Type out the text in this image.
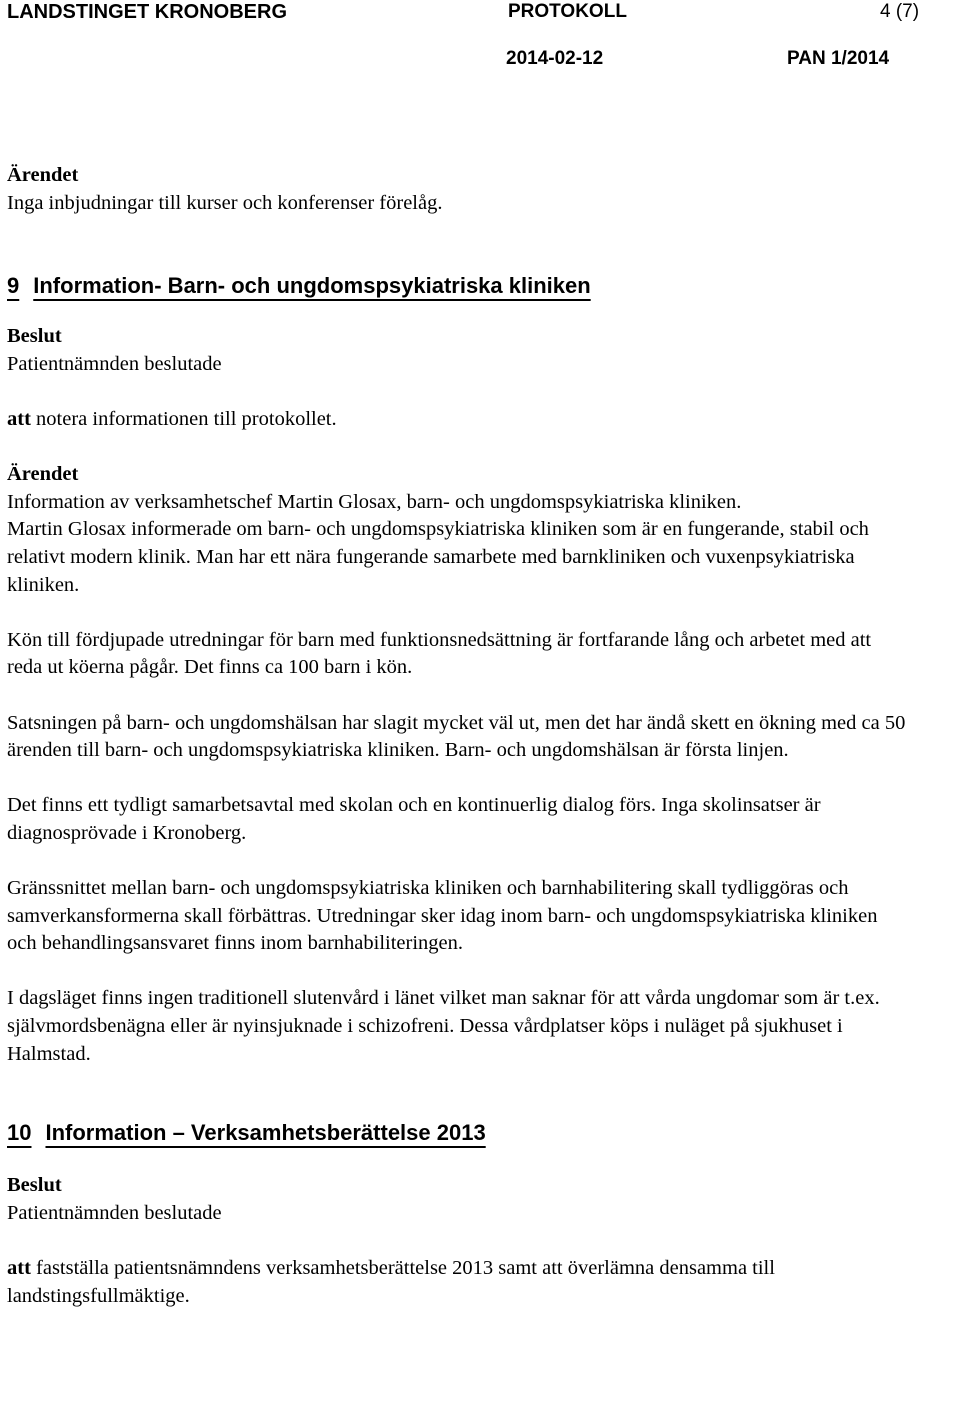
LANDSTINGET KRONOBERG	PROTOKOLL	4 (7)
2014-02-12	PAN 1/2014

Ärendet

Inga inbjudningar till kurser och konferenser förelåg.

9 Information- Barn- och ungdomspsykiatriska kliniken

Beslut

Patientnämnden beslutade

att notera informationen till protokollet.

Ärendet

Information av verksamhetschef Martin Glosax, barn- och ungdomspsykiatriska kliniken.
Martin Glosax informerade om barn- och ungdomspsykiatriska kliniken som är en fungerande, stabil och relativt modern klinik. Man har ett nära fungerande samarbete med barnkliniken och vuxenpsykiatriska kliniken.

Kön till fördjupade utredningar för barn med funktionsnedsättning är fortfarande lång och arbetet med att reda ut köerna pågår. Det finns ca 100 barn i kön.

Satsningen på barn- och ungdomshälsan har slagit mycket väl ut, men det har ändå skett en ökning med ca 50 ärenden till barn- och ungdomspsykiatriska kliniken. Barn- och ungdomshälsan är första linjen.

Det finns ett tydligt samarbetsavtal med skolan och en kontinuerlig dialog förs. Inga skolinsatser är diagnosprövade i Kronoberg.

Gränssnittet mellan barn- och ungdomspsykiatriska kliniken och barnhabilitering skall tydliggöras och samverkansformerna skall förbättras. Utredningar sker idag inom barn- och ungdomspsykiatriska kliniken och behandlingsansvaret finns inom barnhabiliteringen.

I dagsläget finns ingen traditionell slutenvård i länet vilket man saknar för att vårda ungdomar som är t.ex. självmordsbenägna eller är nyinsjuknade i schizofreni. Dessa vårdplatser köps i nuläget på sjukhuset i Halmstad.

10 Information – Verksamhetsberättelse 2013

Beslut

Patientnämnden beslutade

att fastställa patientsnämndens verksamhetsberättelse 2013 samt att överlämna densamma till landstingsfullmäktige.
